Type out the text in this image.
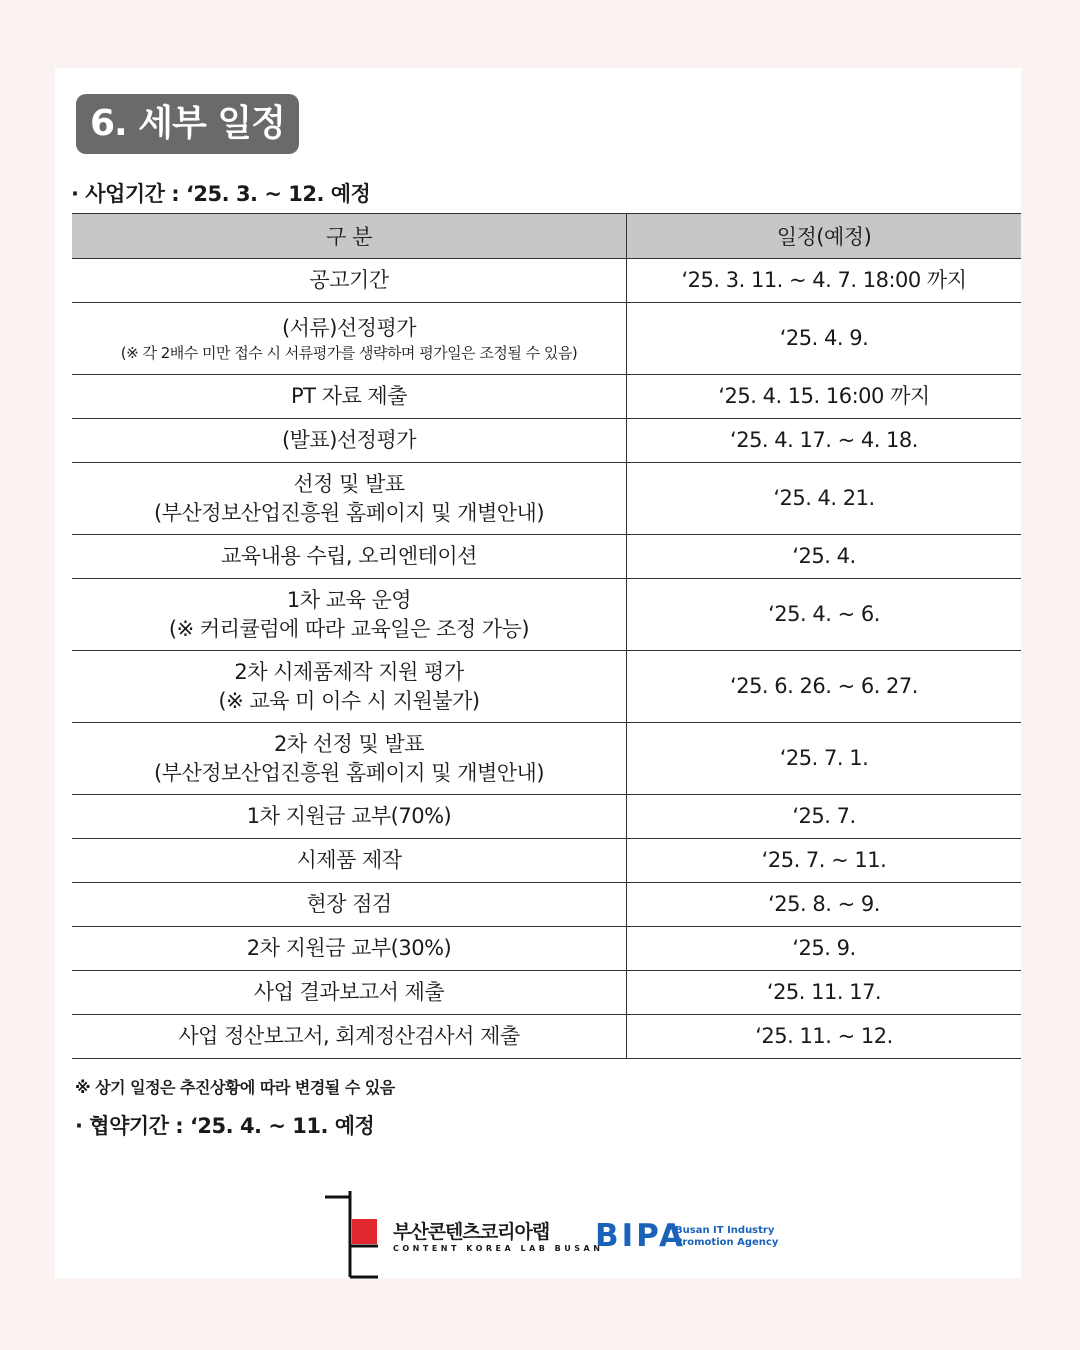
6. 세부 일정
· 사업기간 : ‘25. 3. ~ 12. 예정
구 분	일정(예정)

공고기간	‘25. 3. 11. ~ 4. 7. 18:00 까지

(서류)선정평가
(※ 각 2배수 미만 접수 시 서류평가를 생략하며 평가일은 조정될 수 있음)	‘25. 4. 9.

PT 자료 제출	‘25. 4. 15. 16:00 까지

(발표)선정평가	‘25. 4. 17. ~ 4. 18.

선정 및 발표
(부산정보산업진흥원 홈페이지 및 개별안내)	‘25. 4. 21.

교육내용 수립, 오리엔테이션	‘25. 4.

1차 교육 운영
(※ 커리큘럼에 따라 교육일은 조정 가능)	‘25. 4. ~ 6.

2차 시제품제작 지원 평가
(※ 교육 미 이수 시 지원불가)	‘25. 6. 26. ~ 6. 27.

2차 선정 및 발표
(부산정보산업진흥원 홈페이지 및 개별안내)	‘25. 7. 1.

1차 지원금 교부(70%)	‘25. 7.

시제품 제작	‘25. 7. ~ 11.

현장 점검	‘25. 8. ~ 9.

2차 지원금 교부(30%)	‘25. 9.

사업 결과보고서 제출	‘25. 11. 17.

사업 정산보고서, 회계정산검사서 제출	‘25. 11. ~ 12.
※ 상기 일정은 추진상황에 따라 변경될 수 있음
· 협약기간 : ‘25. 4. ~ 11. 예정
부산콘텐츠코리아랩
CONTENT KOREA LAB BUSAN
BIPA
Busan IT Industry
Promotion Agency
